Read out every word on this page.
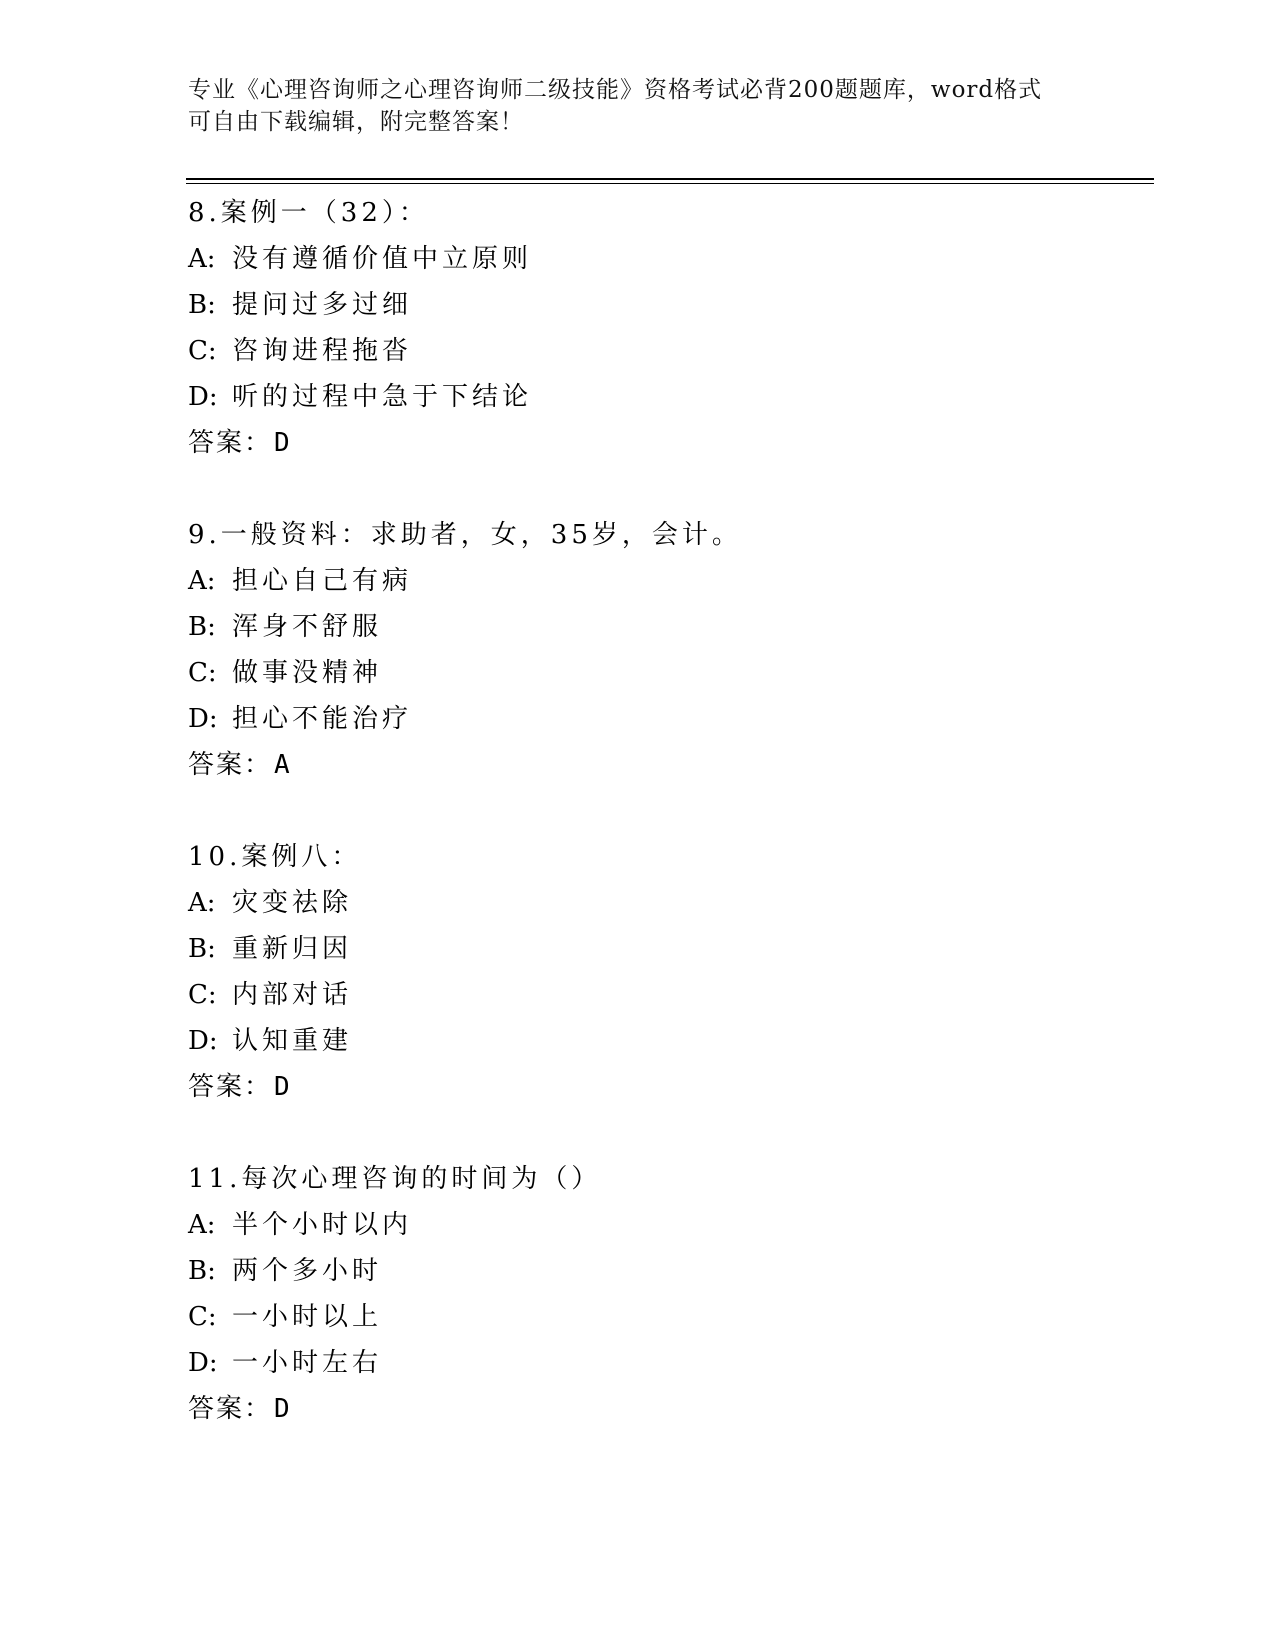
专业《心理咨询师之心理咨询师二级技能》资格考试必背200题题库，word格式
可自由下载编辑，附完整答案！
8.案例一（32）：
A: 没有遵循价值中立原则
B: 提问过多过细
C: 咨询进程拖沓
D: 听的过程中急于下结论
答案：D
9.一般资料：求助者，女，35岁，会计。
A: 担心自己有病
B: 浑身不舒服
C: 做事没精神
D: 担心不能治疗
答案：A
10.案例八：
A: 灾变祛除
B: 重新归因
C: 内部对话
D: 认知重建
答案：D
11.每次心理咨询的时间为（）
A: 半个小时以内
B: 两个多小时
C: 一小时以上
D: 一小时左右
答案：D
